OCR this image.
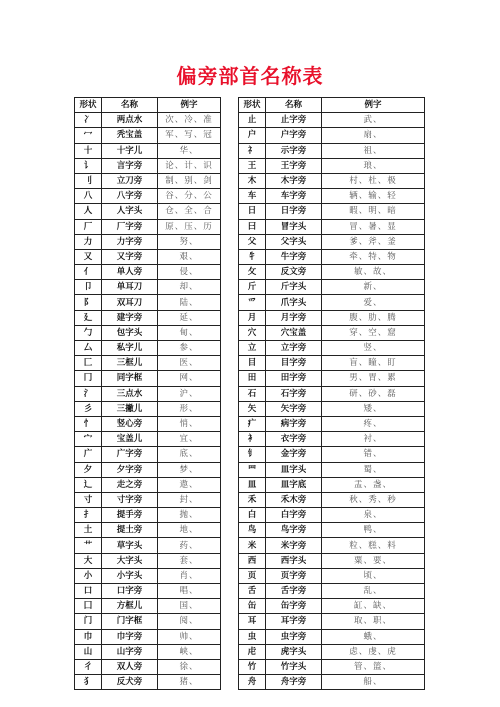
偏旁部首名称表
形状	名称	例字		形状	名称	例字
冫	两点水	次、冷、准		止	止字旁	武、
冖	秃宝盖	军、写、冠		户	户字旁	扇、
十	十字儿	华、		礻	示字旁	祖、
讠	言字旁	论、计、识		王	王字旁	琅、
刂	立刀旁	制、别、剑		木	木字旁	村、杜、极
八	八字旁	谷、分、公		车	车字旁	辆、输、轻
人	人字头	仓、全、合		日	日字旁	暇、明、暗
厂	厂字旁	原、压、历		曰	冒字头	冒、暑、显
力	力字旁	努、		父	父字头	爹、斧、釜
又	又字旁	艰、		牜	牛字旁	牵、特、物
亻	单人旁	侵、		攵	反文旁	敏、故、
卩	单耳刀	却、		斤	斤字头	新、
阝	双耳刀	陆、		爫	爪字头	爱、
廴	建字旁	延、		月	月字旁	腹、肋、腾
勹	包字头	甸、		穴	穴宝盖	穿、空、窟
厶	私字儿	参、		立	立字旁	竖、
匚	三框儿	医、		目	目字旁	盲、瞳、盯
冂	同字框	网、		田	田字旁	男、胃、累
氵	三点水	沪、		石	石字旁	研、砂、磊
彡	三撇儿	形、		矢	矢字旁	矮、
忄	竖心旁	悄、		疒	病字旁	疼、
宀	宝盖儿	宜、		衤	衣字旁	衬、
广	广字旁	底、		钅	金字旁	错、
夕	夕字旁	梦、		罒	皿字头	蜀、
辶	走之旁	遨、		皿	皿字底	盂、盏、
寸	寸字旁	封、		禾	禾木旁	秋、秀、秒
扌	提手旁	抛、		白	白字旁	泉、
土	提土旁	地、		鸟	鸟字旁	鸭、
艹	草字头	药、		米	米字旁	粒、糕、料
大	大字头	套、		西	西字头	粟、要、
小	小字头	肖、		页	页字旁	顷、
口	口字旁	唱、		舌	舌字旁	乱、
囗	方框儿	国、		缶	缶字旁	缸、缺、
门	门字框	阅、		耳	耳字旁	取、职、
巾	巾字旁	帅、		虫	虫字旁	蛾、
山	山字旁	峡、		虍	虎字头	虑、虔、虎
彳	双人旁	徐、		竹	竹字头	管、篮、
犭	反犬旁	猪、		舟	舟字旁	船、
